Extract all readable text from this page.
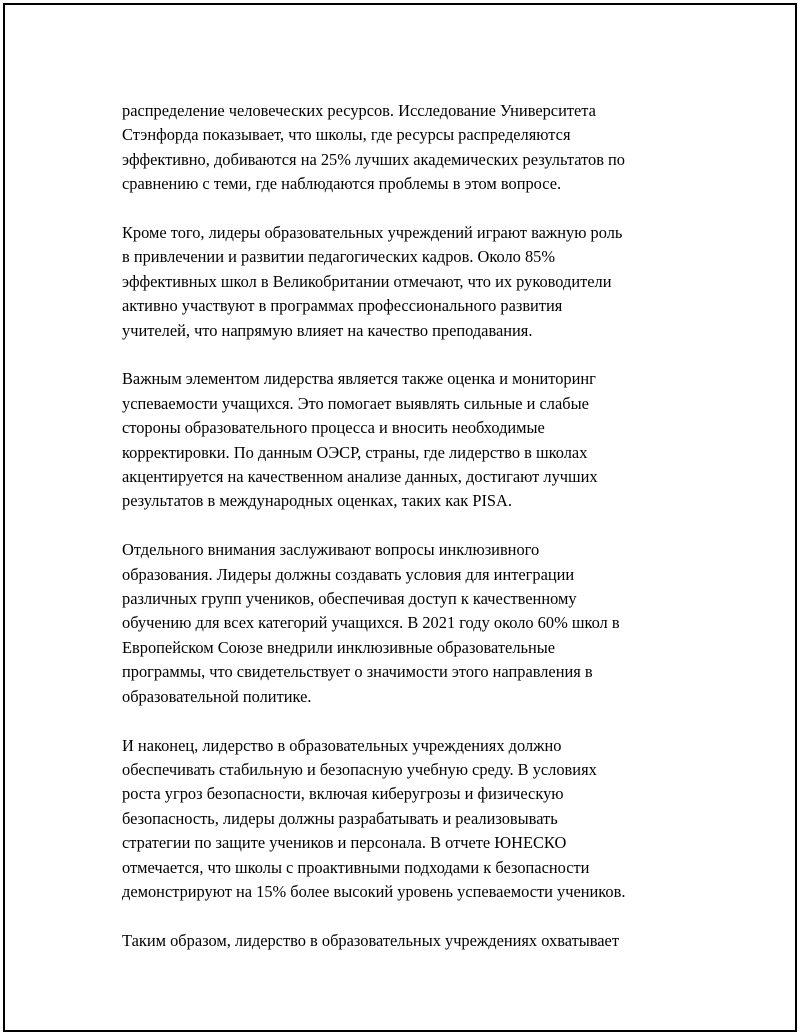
распределение человеческих ресурсов. Исследование Университета
Стэнфорда показывает, что школы, где ресурсы распределяются
эффективно, добиваются на 25% лучших академических результатов по
сравнению с теми, где наблюдаются проблемы в этом вопросе.

Кроме того, лидеры образовательных учреждений играют важную роль
в привлечении и развитии педагогических кадров. Около 85%
эффективных школ в Великобритании отмечают, что их руководители
активно участвуют в программах профессионального развития
учителей, что напрямую влияет на качество преподавания.

Важным элементом лидерства является также оценка и мониторинг
успеваемости учащихся. Это помогает выявлять сильные и слабые
стороны образовательного процесса и вносить необходимые
корректировки. По данным ОЭСР, страны, где лидерство в школах
акцентируется на качественном анализе данных, достигают лучших
результатов в международных оценках, таких как PISA.

Отдельного внимания заслуживают вопросы инклюзивного
образования. Лидеры должны создавать условия для интеграции
различных групп учеников, обеспечивая доступ к качественному
обучению для всех категорий учащихся. В 2021 году около 60% школ в
Европейском Союзе внедрили инклюзивные образовательные
программы, что свидетельствует о значимости этого направления в
образовательной политике.

И наконец, лидерство в образовательных учреждениях должно
обеспечивать стабильную и безопасную учебную среду. В условиях
роста угроз безопасности, включая киберугрозы и физическую
безопасность, лидеры должны разрабатывать и реализовывать
стратегии по защите учеников и персонала. В отчете ЮНЕСКО
отмечается, что школы с проактивными подходами к безопасности
демонстрируют на 15% более высокий уровень успеваемости учеников.

Таким образом, лидерство в образовательных учреждениях охватывает
